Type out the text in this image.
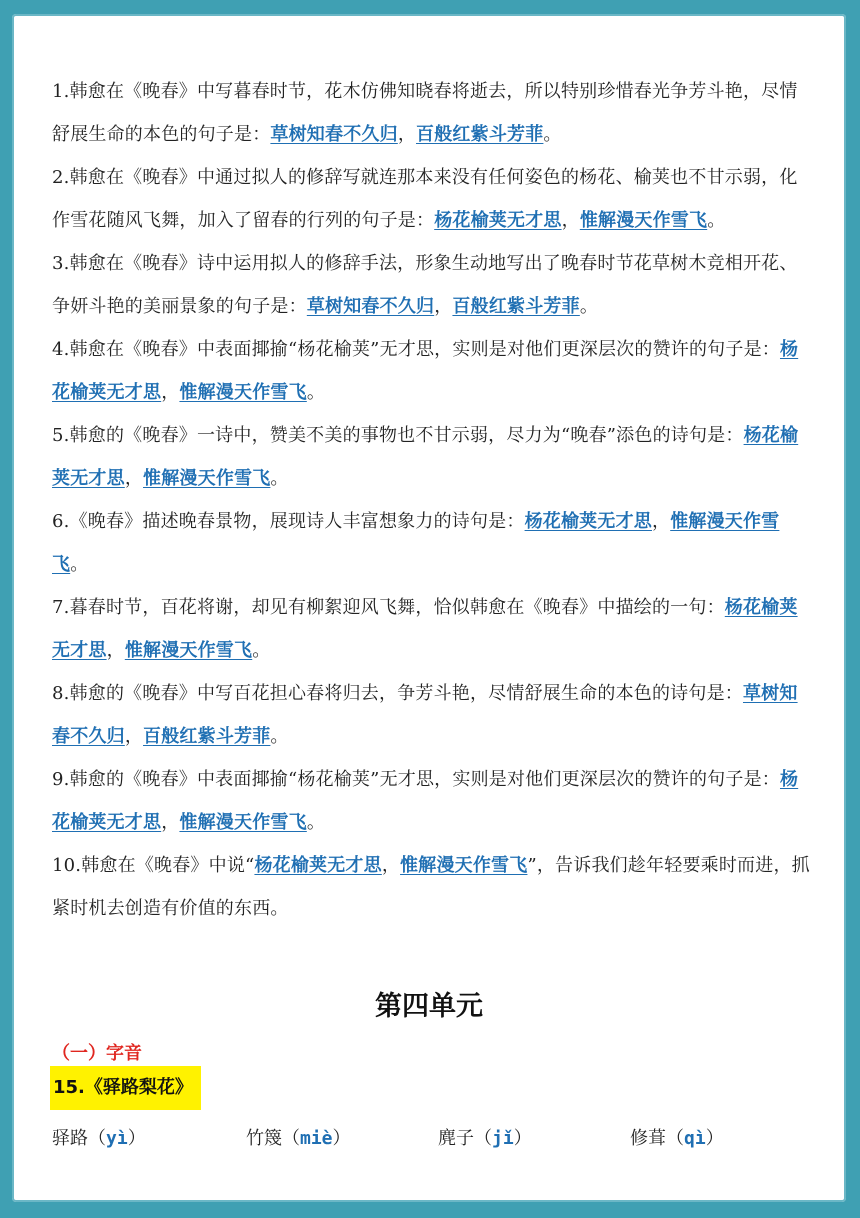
1.韩愈在《晚春》中写暮春时节，花木仿佛知晓春将逝去，所以特别珍惜春光争芳斗艳，尽情舒展生命的本色的句子是：草树知春不久归，百般红紫斗芳菲。

2.韩愈在《晚春》中通过拟人的修辞写就连那本来没有任何姿色的杨花、榆荚也不甘示弱，化作雪花随风飞舞，加入了留春的行列的句子是：杨花榆荚无才思，惟解漫天作雪飞。

3.韩愈在《晚春》诗中运用拟人的修辞手法，形象生动地写出了晚春时节花草树木竞相开花、争妍斗艳的美丽景象的句子是：草树知春不久归，百般红紫斗芳菲。

4.韩愈在《晚春》中表面揶揄“杨花榆荚”无才思，实则是对他们更深层次的赞许的句子是：杨花榆荚无才思，惟解漫天作雪飞。

5.韩愈的《晚春》一诗中，赞美不美的事物也不甘示弱，尽力为“晚春”添色的诗句是：杨花榆荚无才思，惟解漫天作雪飞。

6.《晚春》描述晚春景物，展现诗人丰富想象力的诗句是：杨花榆荚无才思，惟解漫天作雪飞。

7.暮春时节，百花将谢，却见有柳絮迎风飞舞，恰似韩愈在《晚春》中描绘的一句：杨花榆荚无才思，惟解漫天作雪飞。

8.韩愈的《晚春》中写百花担心春将归去，争芳斗艳，尽情舒展生命的本色的诗句是：草树知春不久归，百般红紫斗芳菲。

9.韩愈的《晚春》中表面揶揄“杨花榆荚”无才思，实则是对他们更深层次的赞许的句子是：杨花榆荚无才思，惟解漫天作雪飞。

10.韩愈在《晚春》中说“杨花榆荚无才思，惟解漫天作雪飞”，告诉我们趁年轻要乘时而进，抓紧时机去创造有价值的东西。

第四单元
（一）字音
15.《驿路梨花》
驿路（yì）	竹篾（miè）	麂子（jǐ）	修葺（qì）
